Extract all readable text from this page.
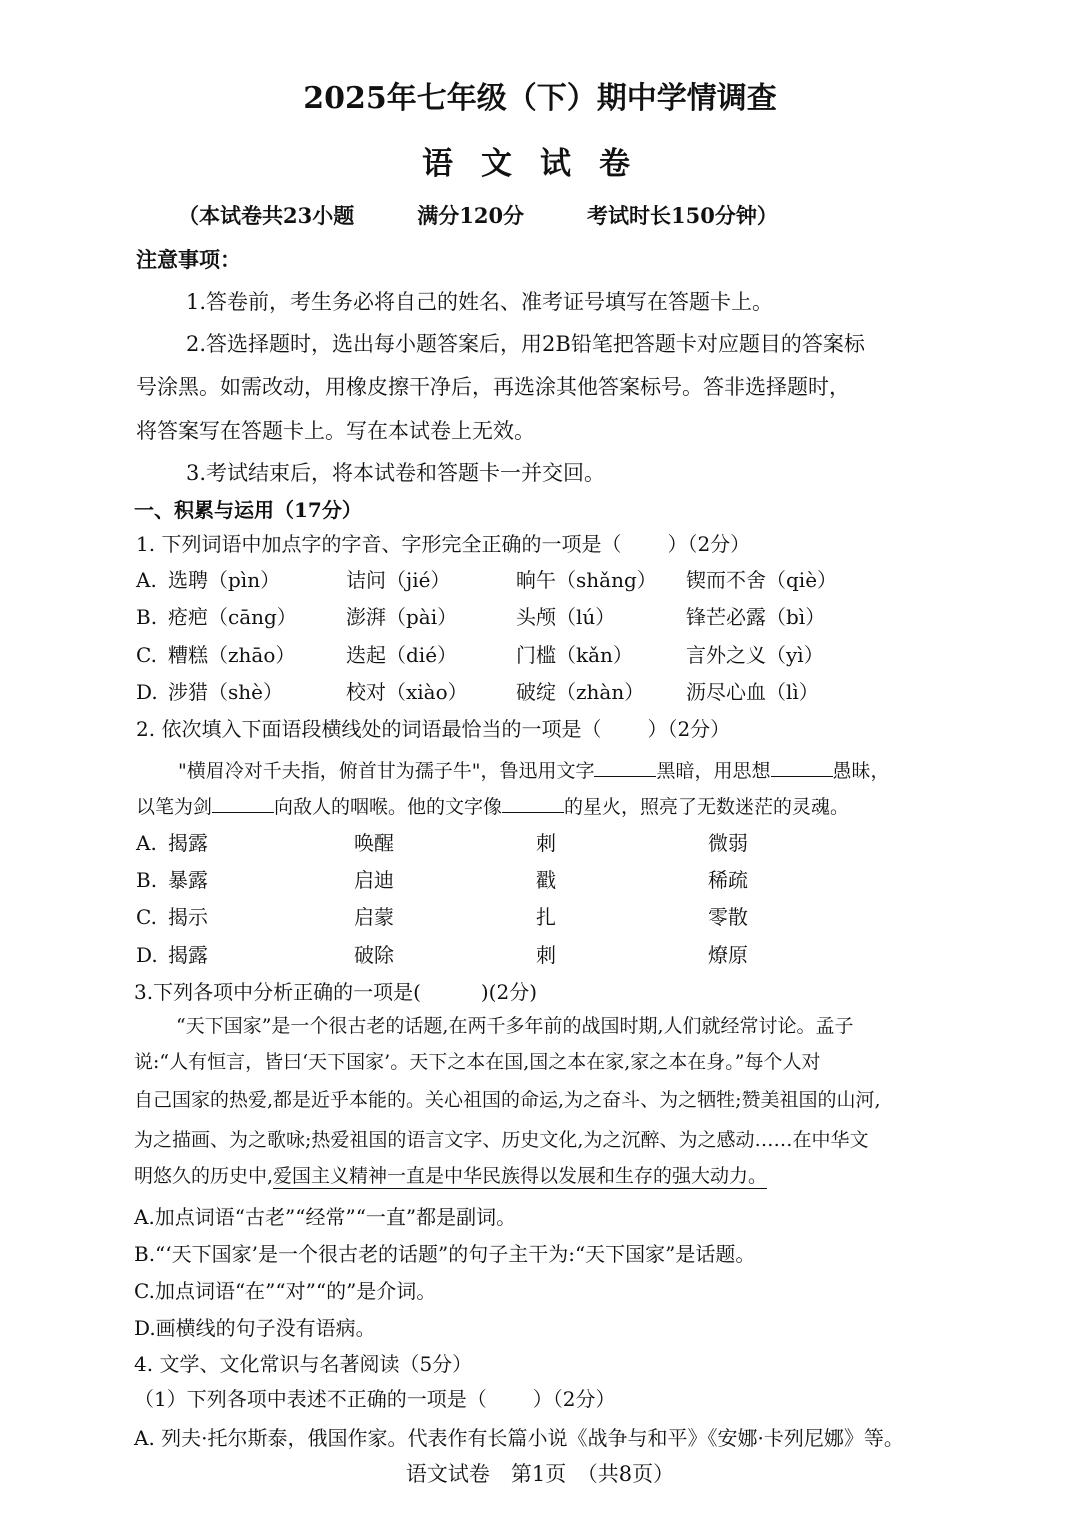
2025年七年级（下）期中学情调查
语文试卷
（本试卷共23小题　　　满分120分　　　考试时长150分钟）
注意事项：
1.答卷前，考生务必将自己的姓名、准考证号填写在答题卡上。
2.答选择题时，选出每小题答案后，用2B铅笔把答题卡对应题目的答案标
号涂黑。如需改动，用橡皮擦干净后，再选涂其他答案标号。答非选择题时，
将答案写在答题卡上。写在本试卷上无效。
3.考试结束后，将本试卷和答题卡一并交回。
一、积累与运用（17分）
1. 下列词语中加点字的字音、字形完全正确的一项是（ ）（2分）
A. 选聘（pìn）	诘问（jié）	晌午（shǎng） 锲而不舍（qiè）
B. 疮疤（cāng） 澎湃（pài）	头颅（lú）	锋芒必露（bì）
C. 糟糕（zhāo）	迭起（dié）	门槛（kǎn）	言外之义（yì）
D. 涉猎（shè）	校对（xiào） 破绽（zhàn） 沥尽心血（lì）
2. 依次填入下面语段横线处的词语最恰当的一项是（ ）（2分）
"横眉冷对千夫指，俯首甘为孺子牛"，鲁迅用文字	黑暗，用思想	愚昧，
以笔为剑	向敌人的咽喉。他的文字像	的星火，照亮了无数迷茫的灵魂。
A. 揭露	唤醒	刺	微弱
B. 暴露	启迪	戳	稀疏
C. 揭示	启蒙	扎	零散
D. 揭露	破除	刺	燎原
3.下列各项中分析正确的一项是(　　　)(2分)
“天下国家”是一个很古老的话题,在两千多年前的战国时期,人们就经常讨论。孟子
说:“人有恒言，皆曰‘天下国家’。天下之本在国,国之本在家,家之本在身。”每个人对
自己国家的热爱,都是近乎本能的。关心祖国的命运,为之奋斗、为之牺牲;赞美祖国的山河,
为之描画、为之歌咏;热爱祖国的语言文字、历史文化,为之沉醉、为之感动……在中华文
明悠久的历史中,爱国主义精神一直是中华民族得以发展和生存的强大动力。
A.加点词语“古老”“经常”“一直”都是副词。
B.“‘天下国家’是一个很古老的话题”的句子主干为:“天下国家”是话题。
C.加点词语“在”“对”“的”是介词。
D.画横线的句子没有语病。
4. 文学、文化常识与名著阅读（5分）
（1）下列各项中表述不正确的一项是（ ）（2分）
A. 列夫·托尔斯泰，俄国作家。代表作有长篇小说《战争与和平》《安娜·卡列尼娜》等。
语文试卷　第1页　（共8页）
